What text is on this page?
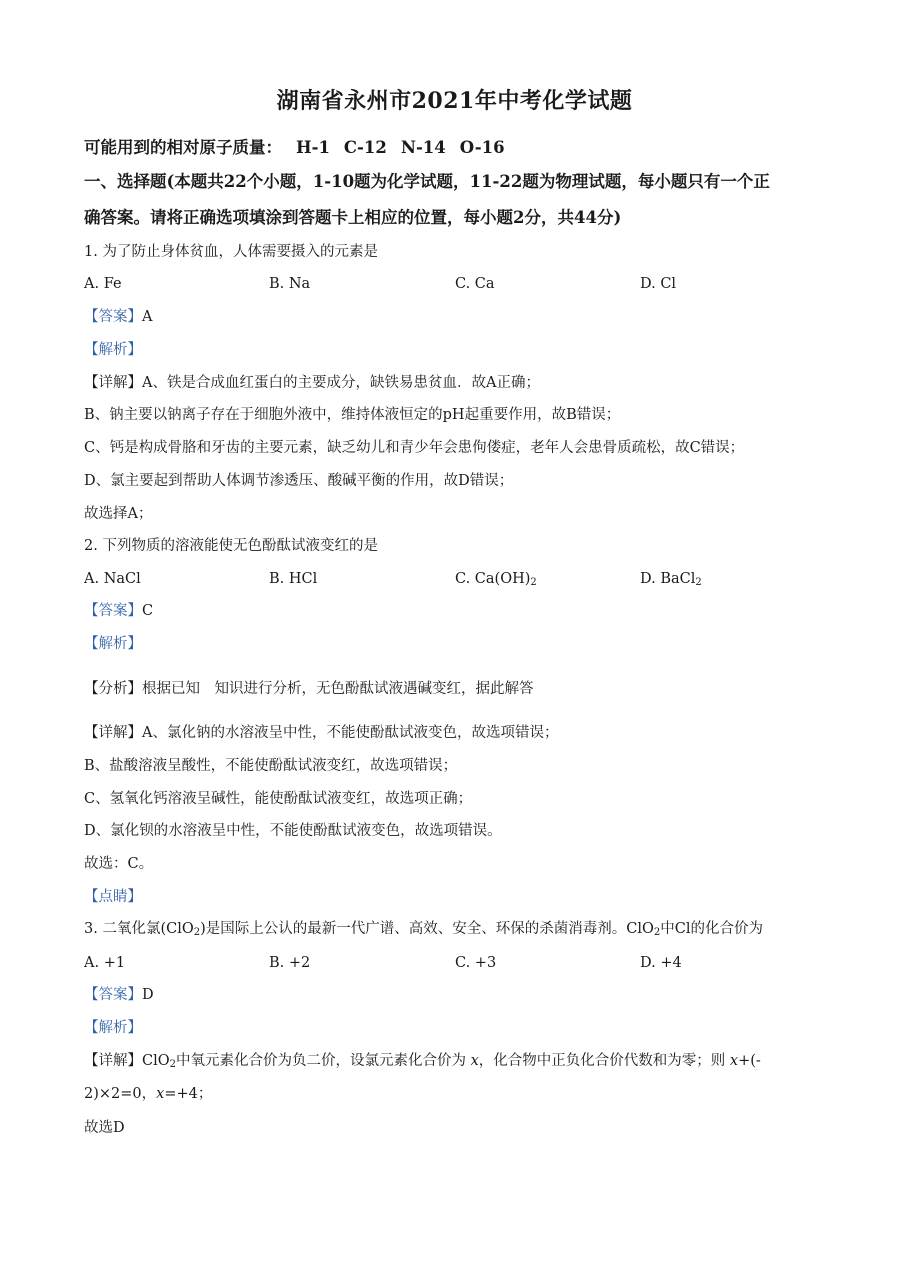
湖南省永州市2021年中考化学试题
可能用到的相对原子质量： H-1 C-12 N-14 O-16
一、选择题(本题共22个小题，1-10题为化学试题，11-22题为物理试题，每小题只有一个正
确答案。请将正确选项填涂到答题卡上相应的位置，每小题2分，共44分)
1. 为了防止身体贫血，人体需要摄入的元素是
A. Fe	B. Na	C. Ca	D. Cl
【答案】A
【解析】
【详解】A、铁是合成血红蛋白的主要成分，缺铁易患贫血．故A正确；
B、钠主要以钠离子存在于细胞外液中，维持体液恒定的pH起重要作用，故B错误；
C、钙是构成骨胳和牙齿的主要元素，缺乏幼儿和青少年会患佝偻症，老年人会患骨质疏松，故C错误；
D、氯主要起到帮助人体调节渗透压、酸碱平衡的作用，故D错误；
故选择A；
2. 下列物质的溶液能使无色酚酞试液变红的是
A. NaCl	B. HCl	C. $Ca(OH)_2$	D. BaCl$_2$
【答案】C
【解析】
【分析】根据已知　知识进行分析，无色酚酞试液遇碱变红，据此解答
【详解】A、氯化钠的水溶液呈中性，不能使酚酞试液变色，故选项错误；
B、盐酸溶液呈酸性，不能使酚酞试液变红，故选项错误；
C、氢氧化钙溶液呈碱性，能使酚酞试液变红，故选项正确；
D、氯化钡的水溶液呈中性，不能使酚酞试液变色，故选项错误。
故选：C。
【点睛】
3. 二氧化氯(ClO$_2$)是国际上公认的最新一代广谱、高效、安全、环保的杀菌消毒剂。ClO$_2$中Cl的化合价为
A. +1	B. +2	C. +3	D. +4
【答案】D
【解析】
【详解】ClO$_2$中氧元素化合价为负二价，设氯元素化合价为 x，化合物中正负化合价代数和为零；则 x+(-
2)×2=0，x=+4；
故选D
